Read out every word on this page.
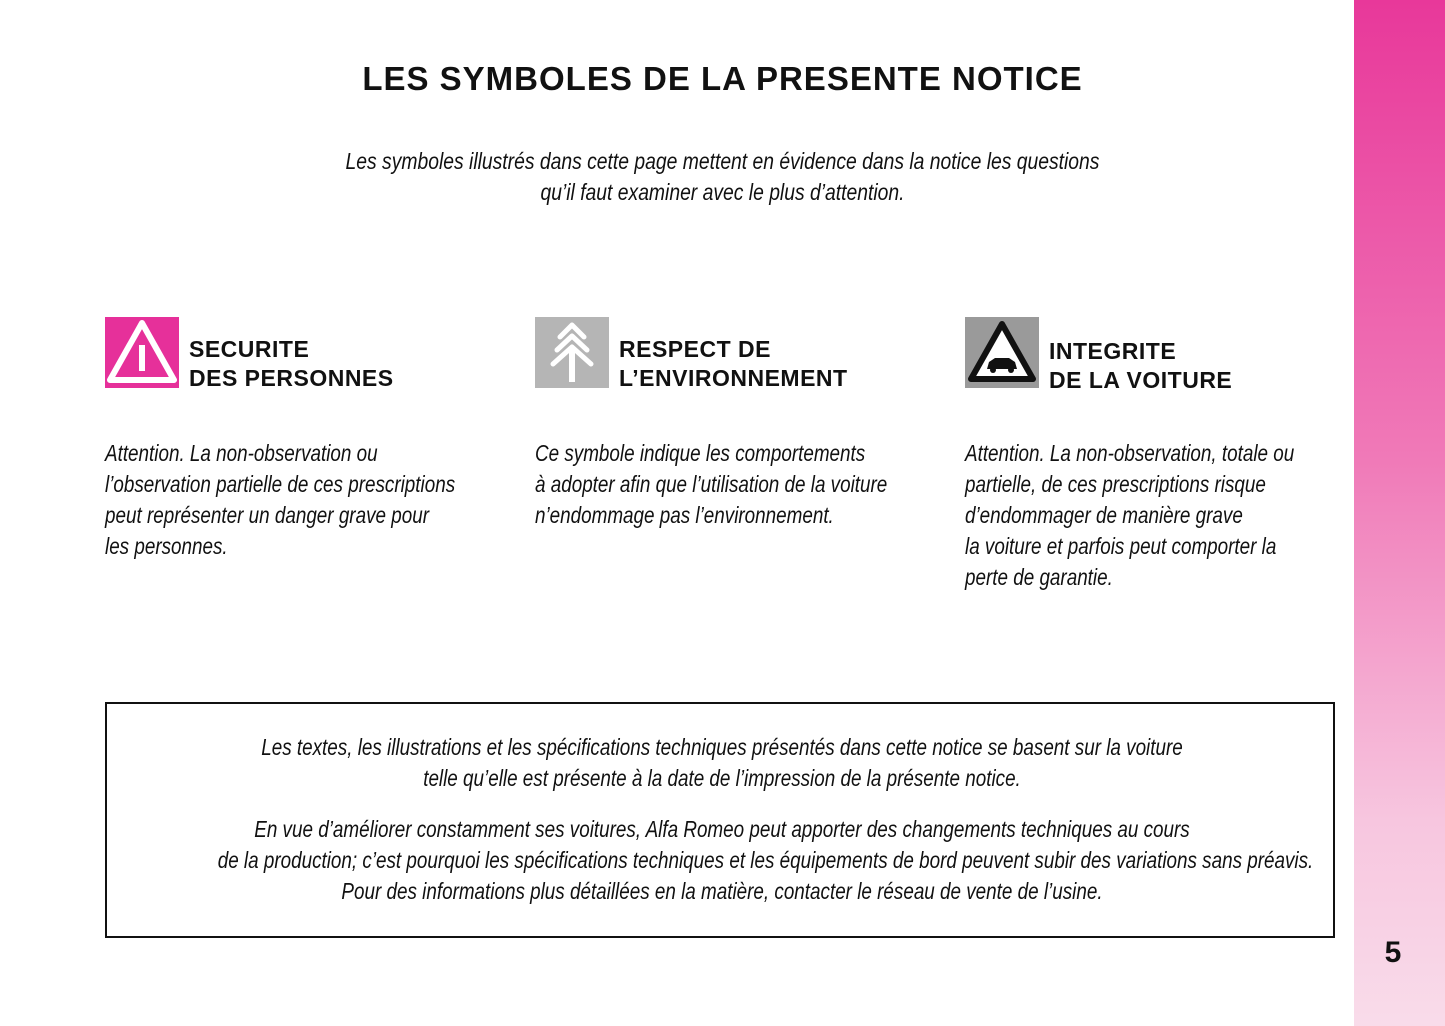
5
LES SYMBOLES DE LA PRESENTE NOTICE
Les symboles illustrés dans cette page mettent en évidence dans la notice les questions
qu’il faut examiner avec le plus d’attention.
SECURITE
DES PERSONNES
Attention. La non-observation ou
l’observation partielle de ces prescriptions
peut représenter un danger grave pour
les personnes.
RESPECT DE
L’ENVIRONNEMENT
Ce symbole indique les comportements
à adopter afin que l’utilisation de la voiture
n’endommage pas l’environnement.
INTEGRITE
DE LA VOITURE
Attention. La non-observation, totale ou
partielle, de ces prescriptions risque
d’endommager de manière grave
la voiture et parfois peut comporter la
perte de garantie.
Les textes, les illustrations et les spécifications techniques présentés dans cette notice se basent sur la voiture
telle qu’elle est présente à la date de l’impression de la présente notice.
En vue d’améliorer constamment ses voitures, Alfa Romeo peut apporter des changements techniques au cours
de la production; c’est pourquoi les spécifications techniques et les équipements de bord peuvent subir des variations sans préavis.
Pour des informations plus détaillées en la matière, contacter le réseau de vente de l’usine.
